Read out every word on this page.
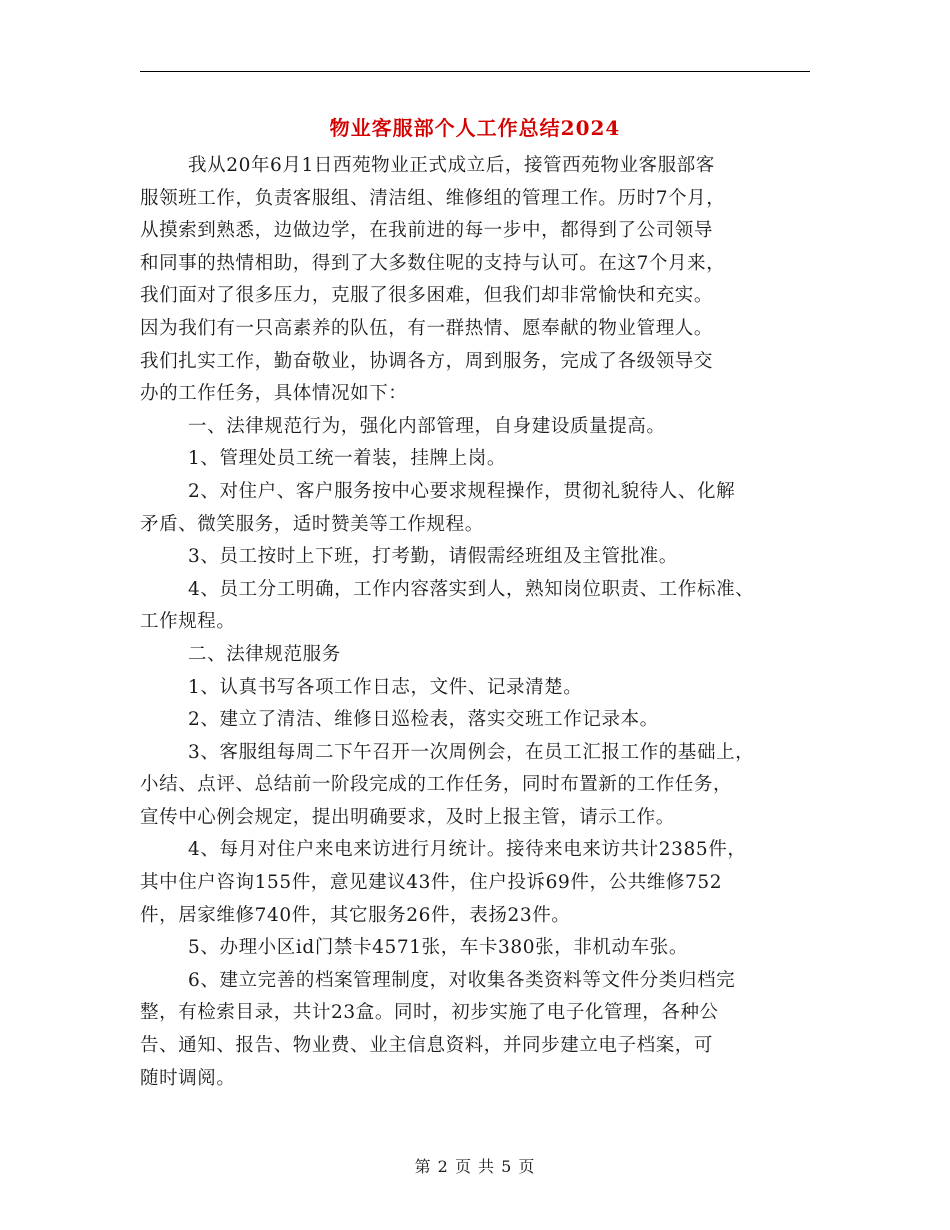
物业客服部个人工作总结2024
我从20年6月1日西苑物业正式成立后，接管西苑物业客服部客
服领班工作，负责客服组、清洁组、维修组的管理工作。历时7个月，
从摸索到熟悉，边做边学，在我前进的每一步中，都得到了公司领导
和同事的热情相助，得到了大多数住呢的支持与认可。在这7个月来，
我们面对了很多压力，克服了很多困难，但我们却非常愉快和充实。
因为我们有一只高素养的队伍，有一群热情、愿奉献的物业管理人。
我们扎实工作，勤奋敬业，协调各方，周到服务，完成了各级领导交
办的工作任务，具体情况如下：
一、法律规范行为，强化内部管理，自身建设质量提高。
1、管理处员工统一着装，挂牌上岗。
2、对住户、客户服务按中心要求规程操作，贯彻礼貌待人、化解
矛盾、微笑服务，适时赞美等工作规程。
3、员工按时上下班，打考勤，请假需经班组及主管批准。
4、员工分工明确，工作内容落实到人，熟知岗位职责、工作标准、
工作规程。
二、法律规范服务
1、认真书写各项工作日志，文件、记录清楚。
2、建立了清洁、维修日巡检表，落实交班工作记录本。
3、客服组每周二下午召开一次周例会，在员工汇报工作的基础上，
小结、点评、总结前一阶段完成的工作任务，同时布置新的工作任务，
宣传中心例会规定，提出明确要求，及时上报主管，请示工作。
4、每月对住户来电来访进行月统计。接待来电来访共计2385件，
其中住户咨询155件，意见建议43件，住户投诉69件，公共维修752
件，居家维修740件，其它服务26件，表扬23件。
5、办理小区id门禁卡4571张，车卡380张，非机动车张。
6、建立完善的档案管理制度，对收集各类资料等文件分类归档完
整，有检索目录，共计23盒。同时，初步实施了电子化管理，各种公
告、通知、报告、物业费、业主信息资料，并同步建立电子档案，可
随时调阅。
第 2 页 共 5 页
